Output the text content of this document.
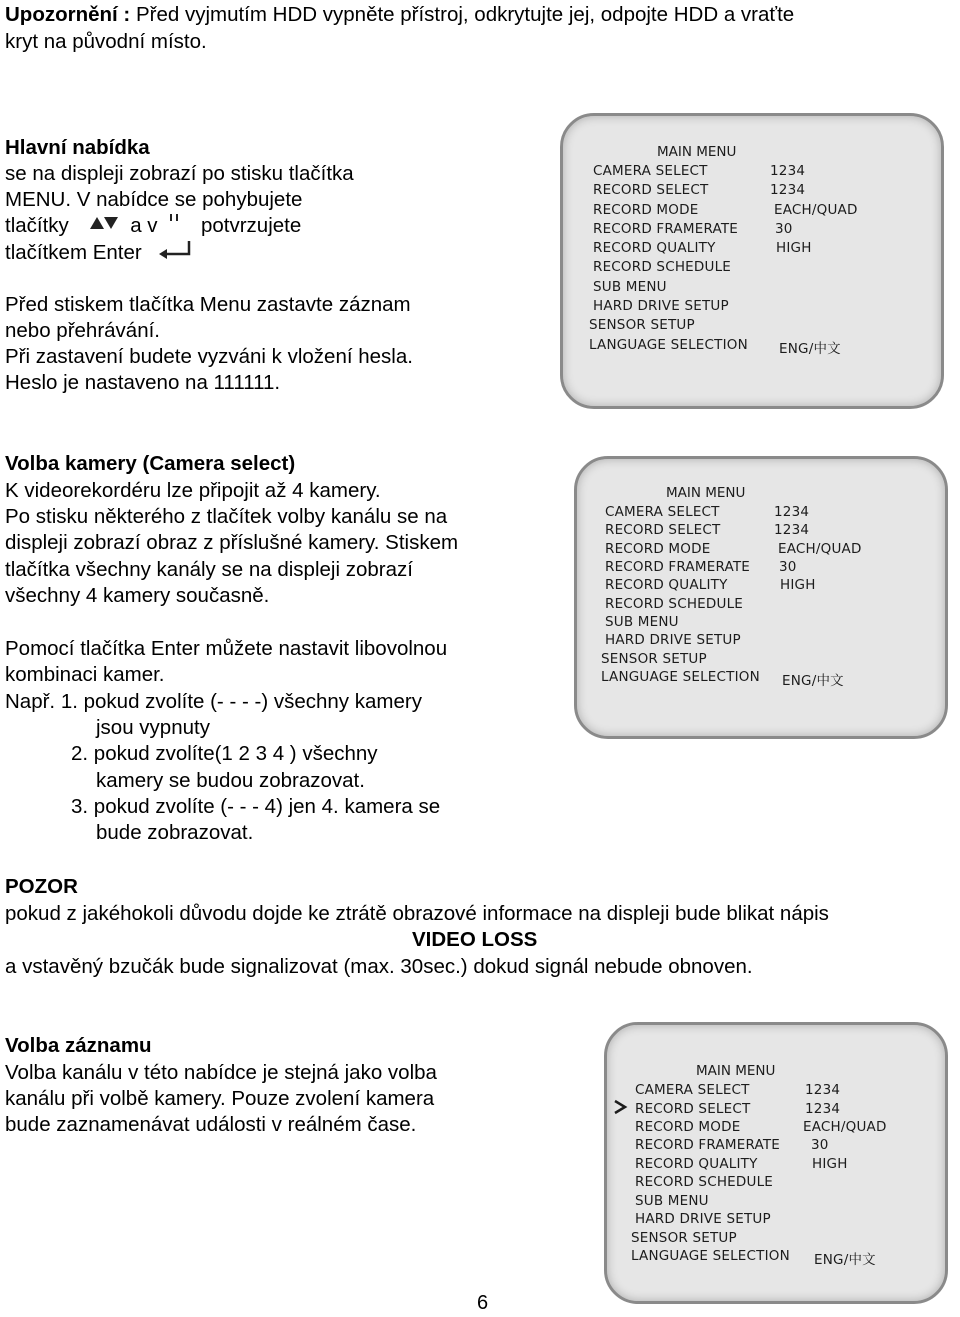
Upozornění : Před vyjmutím HDD vypněte přístroj, odkrytujte jej, odpojte HDD a vraťte

kryt na původní místo.

Hlavní nabídka

se na displeji zobrazí po stisku tlačítka

MENU. V nabídce se pohybujete

tlačítky	a v potvrzujete
tlačítkem Enter

Před stiskem tlačítka Menu zastavte záznam

nebo přehrávání.

Při zastavení budete vyzváni k vložení hesla.

Heslo je nastaveno na 111111.

MAIN MENU
CAMERA SELECT	1234
RECORD SELECT	1234
RECORD MODE	EACH/QUAD
RECORD FRAMERATE	30
RECORD QUALITY	HIGH
RECORD SCHEDULE
SUB MENU
HARD DRIVE SETUP
SENSOR SETUP
LANGUAGE SELECTION ENG/中文

Volba kamery (Camera select)

K videorekordéru lze připojit až 4 kamery.

Po stisku některého z tlačítek volby kanálu se na

displeji zobrazí obraz z příslušné kamery. Stiskem

tlačítka všechny kanály se na displeji zobrazí

všechny 4 kamery současně.

Pomocí tlačítka Enter můžete nastavit libovolnou

kombinaci kamer.

Např. 1. pokud zvolíte (- - - -) všechny kamery

jsou vypnuty

2. pokud zvolíte(1 2 3 4 ) všechny

kamery se budou zobrazovat.

3. pokud zvolíte (- - - 4) jen 4. kamera se

bude zobrazovat.

MAIN MENU
CAMERA SELECT	1234
RECORD SELECT	1234
RECORD MODE	EACH/QUAD
RECORD FRAMERATE 30
RECORD QUALITY	HIGH
RECORD SCHEDULE
SUB MENU
HARD DRIVE SETUP
SENSOR SETUP
LANGUAGE SELECTION ENG/中文

POZOR

pokud z jakéhokoli důvodu dojde ke ztrátě obrazové informace na displeji bude blikat nápis

VIDEO LOSS

a vstavěný bzučák bude signalizovat (max. 30sec.) dokud signál nebude obnoven.

Volba záznamu

Volba kanálu v této nabídce je stejná jako volba

kanálu při volbě kamery. Pouze zvolení kamera

bude zaznamenávat události v reálném čase.

MAIN MENU
CAMERA SELECT	1234
RECORD SELECT	1234
RECORD MODE	EACH/QUAD
RECORD FRAMERATE 30
RECORD QUALITY	HIGH
RECORD SCHEDULE
SUB MENU
HARD DRIVE SETUP
SENSOR SETUP
LANGUAGE SELECTION ENG/中文

6
